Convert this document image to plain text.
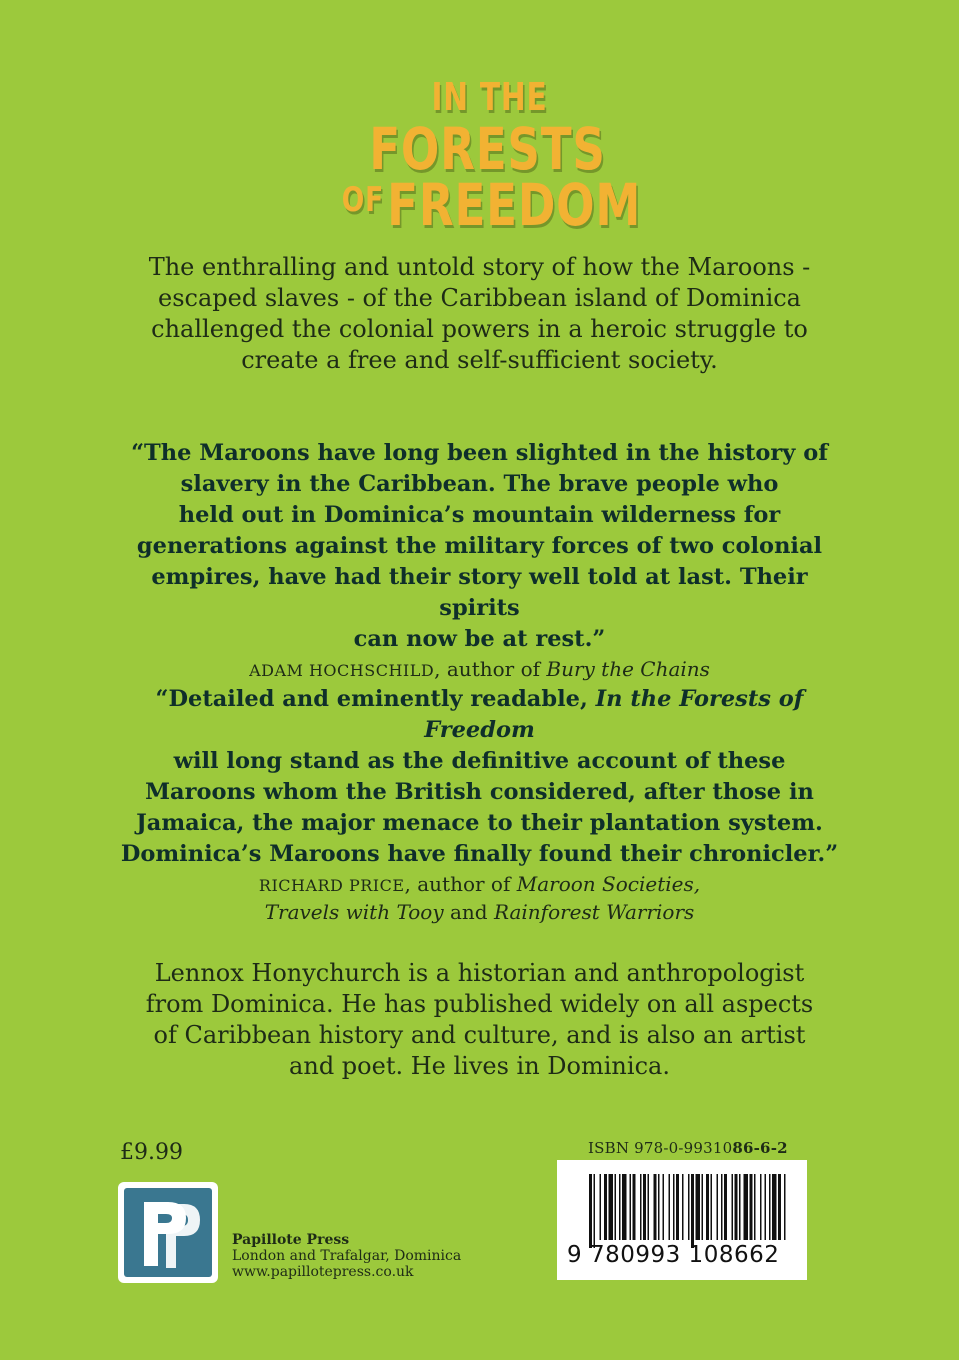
IN THE
FORESTS
$^{OF}$FREEDOM
The enthralling and untold story of how the Maroons -
escaped slaves - of the Caribbean island of Dominica
challenged the colonial powers in a heroic struggle to
create a free and self-sufficient society.
“The Maroons have long been slighted in the history of
slavery in the Caribbean. The brave people who
held out in Dominica’s mountain wilderness for
generations against the military forces of two colonial
empires, have had their story well told at last. Their spirits
can now be at rest.”
ADAM HOCHSCHILD, author of Bury the Chains
“Detailed and eminently readable, In the Forests of Freedom
will long stand as the definitive account of these
Maroons whom the British considered, after those in
Jamaica, the major menace to their plantation system.
Dominica’s Maroons have finally found their chronicler.”
RICHARD PRICE, author of Maroon Societies,
Travels with Tooy and Rainforest Warriors
Lennox Honychurch is a historian and anthropologist
from Dominica. He has published widely on all aspects
of Caribbean history and culture, and is also an artist
and poet. He lives in Dominica.
£9.99
Papillote Press
London and Trafalgar, Dominica
www.papillotepress.co.uk
ISBN 978-0-9931086-6-2
9 780993 108662
